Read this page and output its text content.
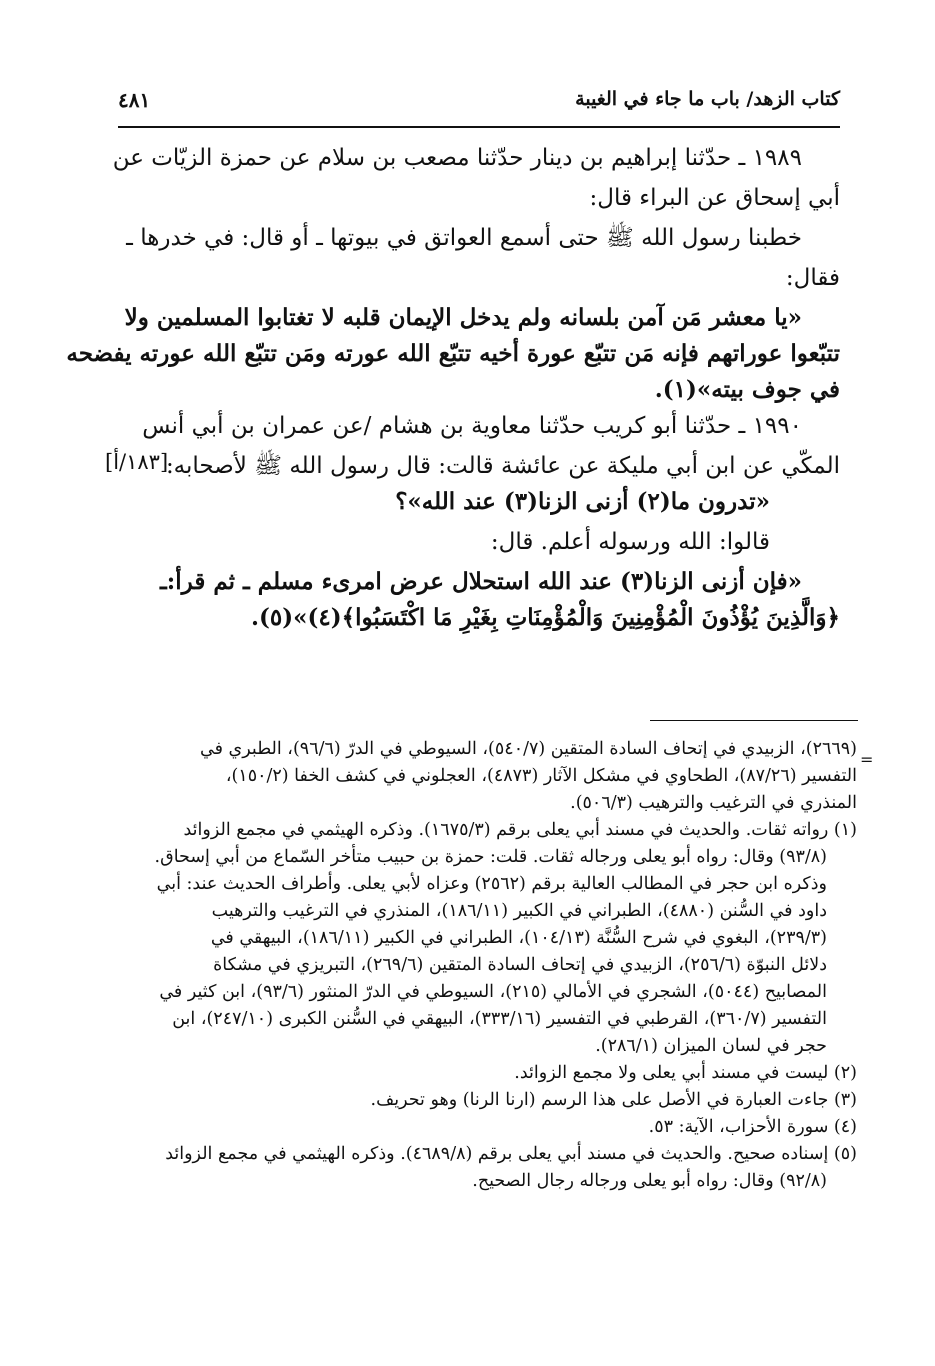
كتاب الزهد/ باب ما جاء في الغيبة
٤٨١
١٩٨٩ ـ حدّثنا إبراهيم بن دينار حدّثنا مصعب بن سلام عن حمزة الزيّات عن
أبي إسحاق عن البراء قال:
خطبنا رسول الله ﷺ حتى أسمع العواتق في بيوتها ـ أو قال: في خدرها ـ
فقال:
«يا معشر مَن آمن بلسانه ولم يدخل الإيمان قلبه لا تغتابوا المسلمين ولا
تتبّعوا عوراتهم فإنه مَن تتبّع عورة أخيه تتبّع الله عورته ومَن تتبّع الله عورته يفضحه
في جوف بيته»(١).
١٩٩٠ ـ حدّثنا أبو كريب حدّثنا معاوية بن هشام /عن عمران بن أبي أنس
[١٨٣/أ]
المكّي عن ابن أبي مليكة عن عائشة قالت: قال رسول الله ﷺ لأصحابه:
«تدرون ما(٢) أزنى الزنا(٣) عند الله»؟
قالوا: الله ورسوله أعلم. قال:
«فإن أزنى الزنا(٣) عند الله استحلال عرض امرىء مسلم ـ ثم قرأ:ـ
﴿وَالَّذِينَ يُؤْذُونَ الْمُؤْمِنِينَ وَالْمُؤْمِنَاتِ بِغَيْرِ مَا اكْتَسَبُوا﴾(٤)»(٥).
=
(٢٦٦٩)، الزبيدي في إتحاف السادة المتقين (٥٤٠/٧)، السيوطي في الدرّ (٩٦/٦)، الطبري في
التفسير (٨٧/٢٦)، الطحاوي في مشكل الآثار (٤٨٧٣)، العجلوني في كشف الخفا (١٥٠/٢)،
المنذري في الترغيب والترهيب (٥٠٦/٣).
(١) رواته ثقات. والحديث في مسند أبي يعلى برقم (١٦٧٥/٣). وذكره الهيثمي في مجمع الزوائد
(٩٣/٨) وقال: رواه أبو يعلى ورجاله ثقات. قلت: حمزة بن حبيب متأخر السّماع من أبي إسحاق.
وذكره ابن حجر في المطالب العالية برقم (٢٥٦٢) وعزاه لأبي يعلى. وأطراف الحديث عند: أبي
داود في السُّنن (٤٨٨٠)، الطبراني في الكبير (١٨٦/١١)، المنذري في الترغيب والترهيب
(٢٣٩/٣)، البغوي في شرح السُّنَّة (١٠٤/١٣)، الطبراني في الكبير (١٨٦/١١)، البيهقي في
دلائل النبوّة (٢٥٦/٦)، الزبيدي في إتحاف السادة المتقين (٢٦٩/٦)، التبريزي في مشكاة
المصابيح (٥٠٤٤)، الشجري في الأمالي (٢١٥)، السيوطي في الدرّ المنثور (٩٣/٦)، ابن كثير في
التفسير (٣٦٠/٧)، القرطبي في التفسير (٣٣٣/١٦)، البيهقي في السُّنن الكبرى (٢٤٧/١٠)، ابن
حجر في لسان الميزان (٢٨٦/١).
(٢) ليست في مسند أبي يعلى ولا مجمع الزوائد.
(٣) جاءت العبارة في الأصل على هذا الرسم (ارنا الرنا) وهو تحريف.
(٤) سورة الأحزاب، الآية: ٥٣.
(٥) إسناده صحيح. والحديث في مسند أبي يعلى برقم (٤٦٨٩/٨). وذكره الهيثمي في مجمع الزوائد
(٩٢/٨) وقال: رواه أبو يعلى ورجاله رجال الصحيح.
